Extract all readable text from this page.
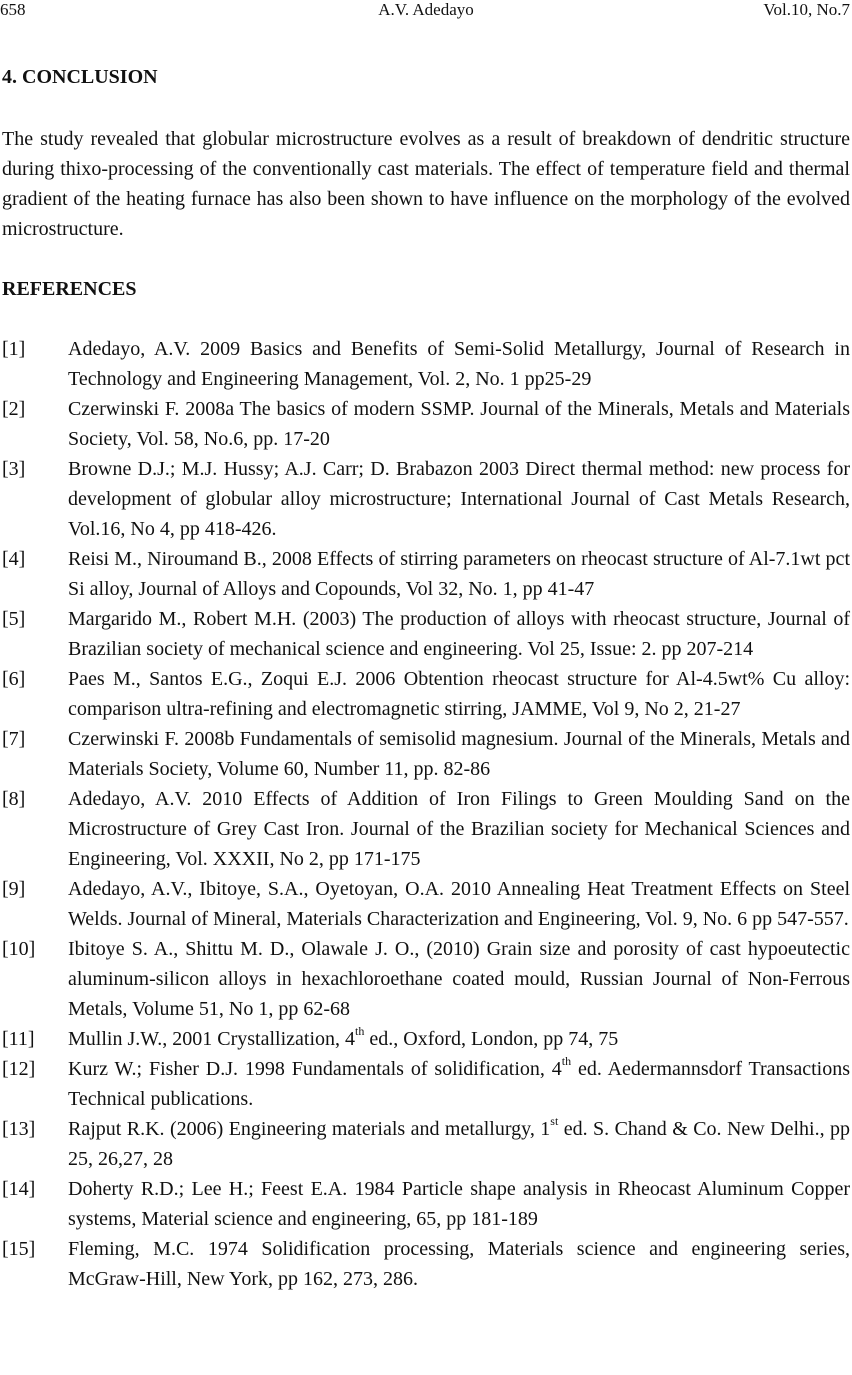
658	A.V. Adedayo	Vol.10, No.7
4. CONCLUSION

The study revealed that globular microstructure evolves as a result of breakdown of dendritic structure during thixo-processing of the conventionally cast materials. The effect of temperature field and thermal gradient of the heating furnace has also been shown to have influence on the morphology of the evolved microstructure.

REFERENCES
[1] Adedayo, A.V. 2009 Basics and Benefits of Semi-Solid Metallurgy, Journal of Research in Technology and Engineering Management, Vol. 2, No. 1 pp25-29
[2] Czerwinski F. 2008a The basics of modern SSMP. Journal of the Minerals, Metals and Materials Society, Vol. 58, No.6, pp. 17-20
[3] Browne D.J.; M.J. Hussy; A.J. Carr; D. Brabazon 2003 Direct thermal method: new process for development of globular alloy microstructure; International Journal of Cast Metals Research, Vol.16, No 4, pp 418-426.
[4] Reisi M., Niroumand B., 2008 Effects of stirring parameters on rheocast structure of Al-7.1wt pct Si alloy, Journal of Alloys and Copounds, Vol 32, No. 1, pp 41-47
[5] Margarido M., Robert M.H. (2003) The production of alloys with rheocast structure, Journal of Brazilian society of mechanical science and engineering. Vol 25, Issue: 2. pp 207-214
[6] Paes M., Santos E.G., Zoqui E.J. 2006 Obtention rheocast structure for Al-4.5wt% Cu alloy: comparison ultra-refining and electromagnetic stirring, JAMME, Vol 9, No 2, 21-27
[7] Czerwinski F. 2008b Fundamentals of semisolid magnesium. Journal of the Minerals, Metals and Materials Society, Volume 60, Number 11, pp. 82-86
[8] Adedayo, A.V. 2010 Effects of Addition of Iron Filings to Green Moulding Sand on the Microstructure of Grey Cast Iron. Journal of the Brazilian society for Mechanical Sciences and Engineering, Vol. XXXII, No 2, pp 171-175
[9] Adedayo, A.V., Ibitoye, S.A., Oyetoyan, O.A. 2010 Annealing Heat Treatment Effects on Steel Welds. Journal of Mineral, Materials Characterization and Engineering, Vol. 9, No. 6 pp 547-557.
[10] Ibitoye S. A., Shittu M. D., Olawale J. O., (2010) Grain size and porosity of cast hypoeutectic aluminum-silicon alloys in hexachloroethane coated mould, Russian Journal of Non-Ferrous Metals, Volume 51, No 1, pp 62-68
[11] Mullin J.W., 2001 Crystallization, 4th ed., Oxford, London, pp 74, 75
[12] Kurz W.; Fisher D.J. 1998 Fundamentals of solidification, 4th ed. Aedermannsdorf Transactions Technical publications.
[13] Rajput R.K. (2006) Engineering materials and metallurgy, 1st ed. S. Chand & Co. New Delhi., pp 25, 26,27, 28
[14] Doherty R.D.; Lee H.; Feest E.A. 1984 Particle shape analysis in Rheocast Aluminum Copper systems, Material science and engineering, 65, pp 181-189
[15] Fleming, M.C. 1974 Solidification processing, Materials science and engineering series, McGraw-Hill, New York, pp 162, 273, 286.
